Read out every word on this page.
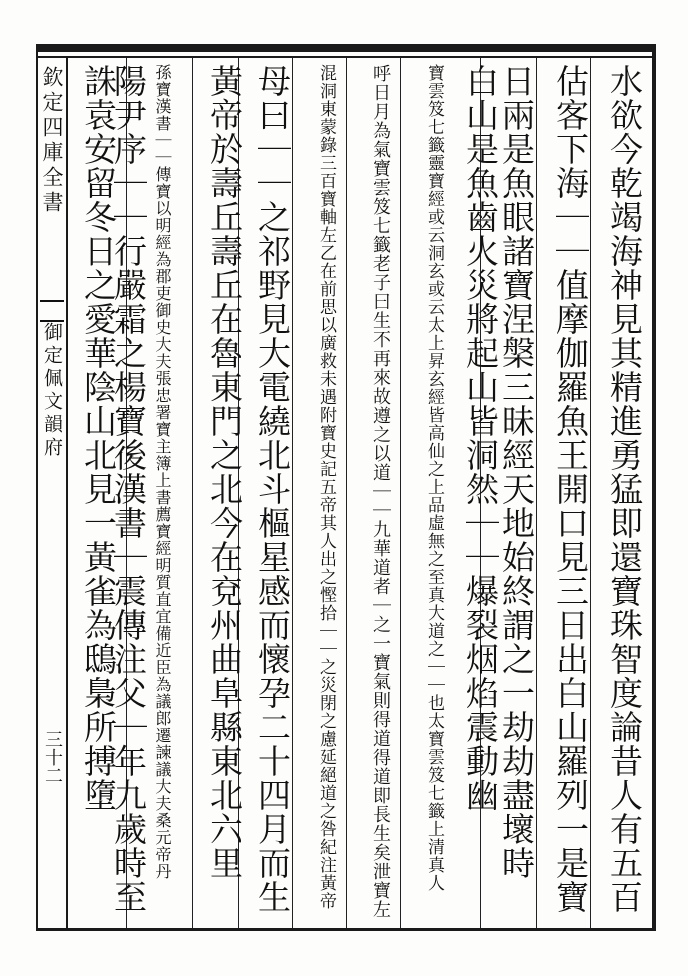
欽定四庫全書
御定佩文韻府
三十二	水欲今乾竭海神見其精進勇猛即還寶珠智度論昔人有五百
估客下海｜｜值摩伽羅魚王開口見三日出白山羅列一是寶
日兩是魚眼諸寶涅槃三昧經天地始終謂之一劫劫盡壞時
白山是魚齒火災將起山皆洞然｜｜爆裂烟焰震動幽
寶雲笈七籤靈寶經或云洞玄或云太上昇玄經皆高仙之上品虛無之至真大道之｜｜也太寶雲笈七籤上清真人
呼日月為氣寶雲笈七籤老子曰生不再來故遵之以道｜｜九華道者｜之一寶氣則得道得道即長生矣泄寶左
混洞東蒙錄三百寶軸左乙在前思以廣救未遇附寶史記五帝其人出之慳拾｜｜之災閉之慮延絕道之咎紀注黃帝
母曰｜｜之祁野見大電繞北斗樞星感而懷孕二十四月而生
黃帝於壽丘壽丘在魯東門之北今在兗州曲阜縣東北六里
孫寶漢書｜｜傳寶以明經為郡吏御史大夫張忠署寶主簿上書薦寶經明質直宜備近臣為議郎遷諫議大夫桑元帝丹
陽尹序｜｜行嚴霜之楊寶後漢書｜震傳注父｜年九歲時至
誅袁安留冬日之愛華陰山北見一黃雀為鴟梟所搏墮
